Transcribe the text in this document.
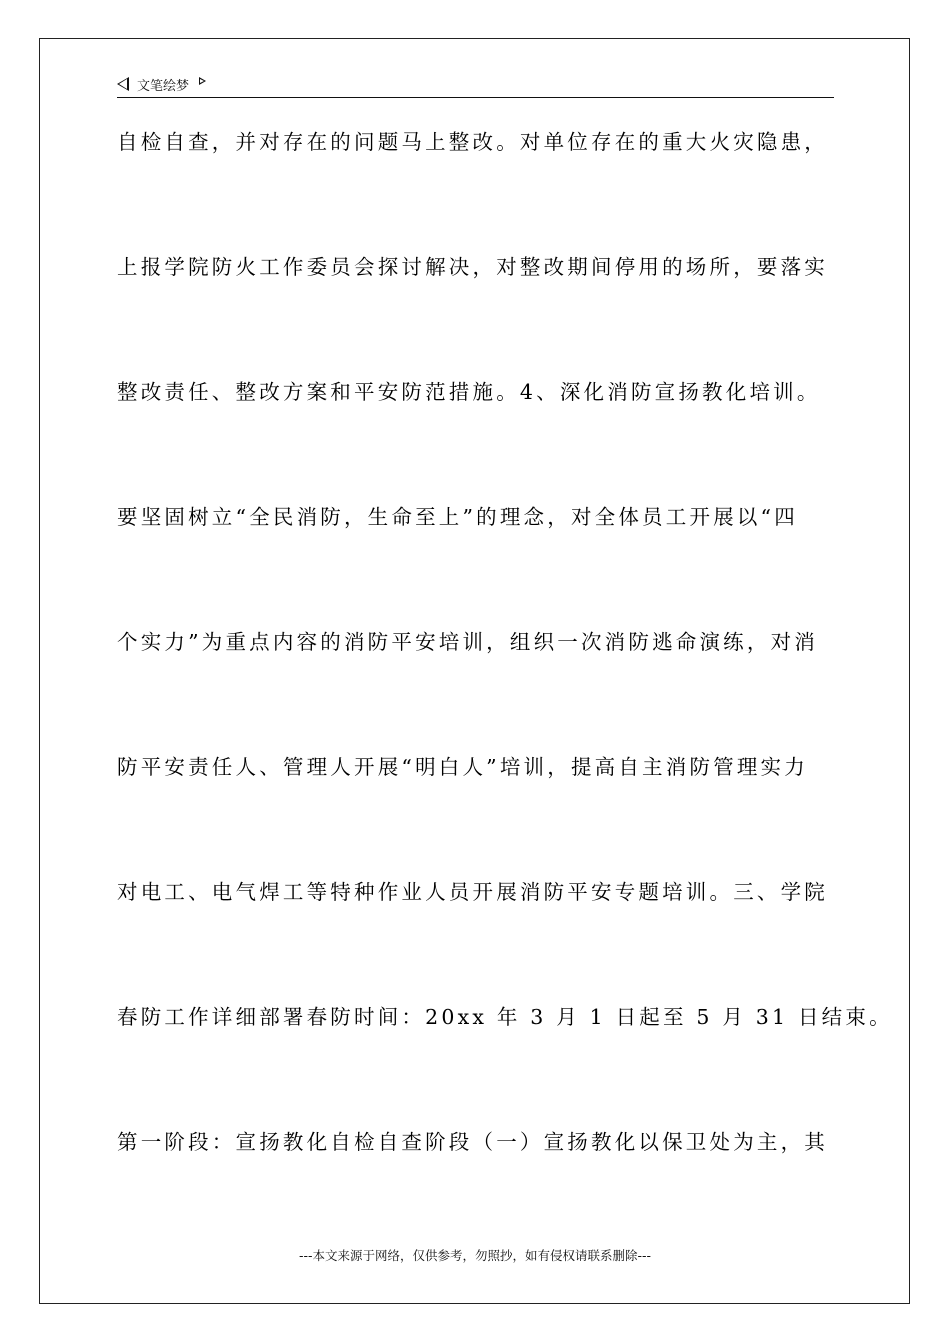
文笔绘梦
自检自查，并对存在的问题马上整改。对单位存在的重大火灾隐患，
上报学院防火工作委员会探讨解决，对整改期间停用的场所，要落实
整改责任、整改方案和平安防范措施。4、深化消防宣扬教化培训。
要坚固树立“全民消防，生命至上”的理念，对全体员工开展以“四
个实力”为重点内容的消防平安培训，组织一次消防逃命演练，对消
防平安责任人、管理人开展“明白人”培训，提高自主消防管理实力
对电工、电气焊工等特种作业人员开展消防平安专题培训。三、学院
春防工作详细部署春防时间：20xx 年 3 月 1 日起至 5 月 31 日结束。
第一阶段：宣扬教化自检自查阶段（一）宣扬教化以保卫处为主，其
---本文来源于网络，仅供参考，勿照抄，如有侵权请联系删除---
